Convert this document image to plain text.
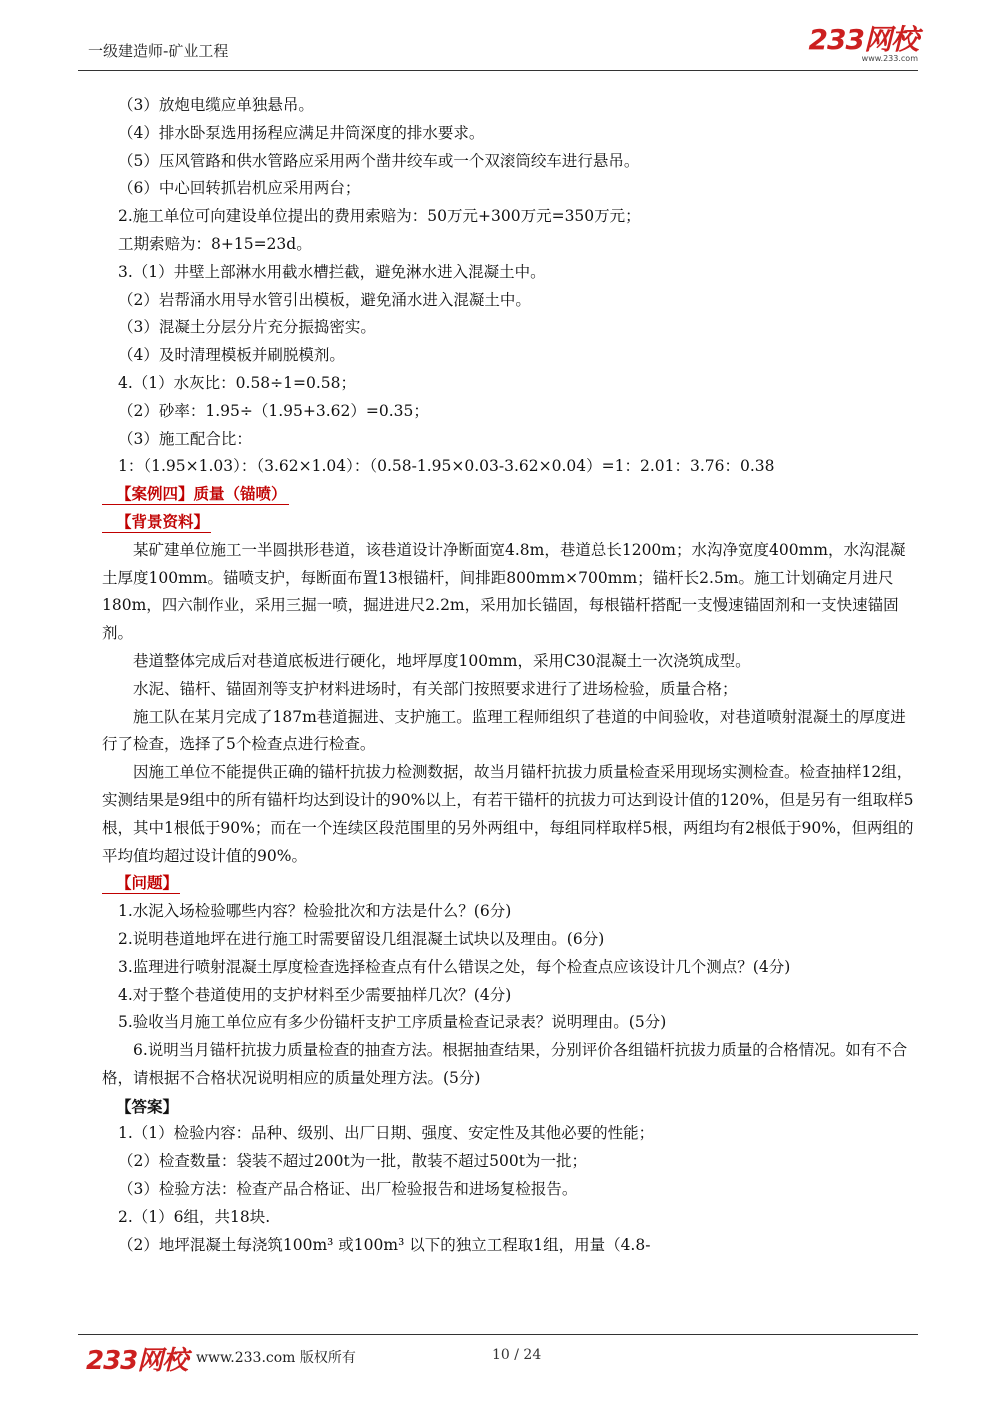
一级建造师-矿业工程	233网校
www.233.com

（3）放炮电缆应单独悬吊。

（4）排水卧泵选用扬程应满足井筒深度的排水要求。

（5）压风管路和供水管路应采用两个凿井绞车或一个双滚筒绞车进行悬吊。

（6）中心回转抓岩机应采用两台；

2.施工单位可向建设单位提出的费用索赔为：50万元+300万元=350万元；

工期索赔为：8+15=23d。

3.（1）井壁上部淋水用截水槽拦截，避免淋水进入混凝土中。

（2）岩帮涌水用导水管引出模板，避免涌水进入混凝土中。

（3）混凝土分层分片充分振捣密实。

（4）及时清理模板并刷脱模剂。

4.（1）水灰比：0.58÷1=0.58；

（2）砂率：1.95÷（1.95+3.62）=0.35；

（3）施工配合比：

1：（1.95×1.03）：（3.62×1.04）：（0.58-1.95×0.03-3.62×0.04）=1：2.01：3.76：0.38

【案例四】质量（锚喷）

【背景资料】

某矿建单位施工一半圆拱形巷道，该巷道设计净断面宽4.8m，巷道总长1200m；水沟净宽度400mm，水沟混凝土厚度100mm。锚喷支护，每断面布置13根锚杆，间排距800mm×700mm；锚杆长2.5m。施工计划确定月进尺180m，四六制作业，采用三掘一喷，掘进进尺2.2m，采用加长锚固，每根锚杆搭配一支慢速锚固剂和一支快速锚固剂。

巷道整体完成后对巷道底板进行硬化，地坪厚度100mm，采用C30混凝土一次浇筑成型。

水泥、锚杆、锚固剂等支护材料进场时，有关部门按照要求进行了进场检验，质量合格；

施工队在某月完成了187m巷道掘进、支护施工。监理工程师组织了巷道的中间验收，对巷道喷射混凝土的厚度进行了检查，选择了5个检查点进行检查。

因施工单位不能提供正确的锚杆抗拔力检测数据，故当月锚杆抗拔力质量检查采用现场实测检查。检查抽样12组，实测结果是9组中的所有锚杆均达到设计的90%以上，有若干锚杆的抗拔力可达到设计值的120%，但是另有一组取样5根，其中1根低于90%；而在一个连续区段范围里的另外两组中，每组同样取样5根，两组均有2根低于90%，但两组的平均值均超过设计值的90%。

【问题】

1.水泥入场检验哪些内容？检验批次和方法是什么？(6分)

2.说明巷道地坪在进行施工时需要留设几组混凝土试块以及理由。(6分)

3.监理进行喷射混凝土厚度检查选择检查点有什么错误之处，每个检查点应该设计几个测点？(4分)

4.对于整个巷道使用的支护材料至少需要抽样几次？(4分)

5.验收当月施工单位应有多少份锚杆支护工序质量检查记录表？说明理由。(5分)

6.说明当月锚杆抗拔力质量检查的抽查方法。根据抽查结果，分别评价各组锚杆抗拔力质量的合格情况。如有不合格，请根据不合格状况说明相应的质量处理方法。(5分)

【答案】

1.（1）检验内容：品种、级别、出厂日期、强度、安定性及其他必要的性能；

（2）检查数量：袋装不超过200t为一批，散装不超过500t为一批；

（3）检验方法：检查产品合格证、出厂检验报告和进场复检报告。

2.（1）6组，共18块.

（2）地坪混凝土每浇筑100m³ 或100m³ 以下的独立工程取1组，用量（4.8-

233网校 www.233.com 版权所有	10 / 24
